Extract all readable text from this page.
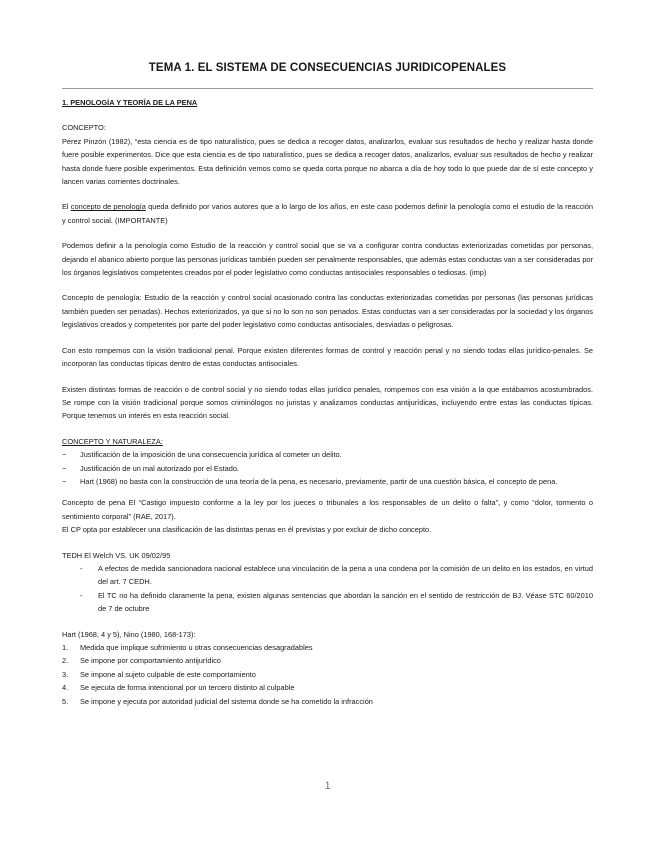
TEMA 1. EL SISTEMA DE CONSECUENCIAS JURIDICOPENALES

1. PENOLOGÍA Y TEORÍA DE LA PENA

CONCEPTO:

Pérez Pinzón (1982), “esta ciencia es de tipo naturalístico, pues se dedica a recoger datos, analizarlos, evaluar sus resultados de hecho y realizar hasta donde fuere posible experimentos. Dice que esta ciencia es de tipo naturalístico, pues se dedica a recoger datos, analizarlos, evaluar sus resultados de hecho y realizar hasta donde fuere posible experimentos. Esta definición vemos como se queda corta porque no abarca a día de hoy todo lo que puede dar de sí este concepto y lancen varias corrientes doctrinales.

El concepto de penología queda definido por varios autores que a lo largo de los años, en este caso podemos definir la penología como el estudio de la reacción y control social. (IMPORTANTE)

Podemos definir a la penología como Estudio de la reacción y control social que se va a configurar contra conductas exteriorizadas cometidas por personas, dejando el abanico abierto porque las personas jurídicas también pueden ser penalmente responsables, que además estas conductas van a ser consideradas por los órganos legislativos competentes creados por el poder legislativo como conductas antisociales responsables o tediosas. (imp)

Concepto de penología: Estudio de la reacción y control social ocasionado contra las conductas exteriorizadas cometidas por personas (las personas jurídicas también pueden ser penadas). Hechos exteriorizados, ya que si no lo son no son penados. Estas conductas van a ser consideradas por la sociedad y los órganos legislativos creados y competentes por parte del poder legislativo como conductas antisociales, desviadas o peligrosas.

Con esto rompemos con la visión tradicional penal. Porque existen diferentes formas de control y reacción penal y no siendo todas ellas jurídico-penales. Se incorporan las conductas típicas dentro de estas conductas antisociales.

Existen distintas formas de reacción o de control social y no siendo todas ellas jurídico penales, rompemos con esa visión a la que estábamos acostumbrados. Se rompe con la visión tradicional porque somos criminólogos no juristas y analizamos conductas antijurídicas, incluyendo entre estas las conductas típicas. Porque tenemos un interés en esta reacción social.

CONCEPTO Y NATURALEZA:

− Justificación de la imposición de una consecuencia jurídica al cometer un delito.
− Justificación de un mal autorizado por el Estado.
− Hart (1968) no basta con la construcción de una teoría de la pena, es necesario, previamente, partir de una cuestión básica, el concepto de pena.

Concepto de pena El “Castigo impuesto conforme a la ley por los jueces o tribunales a los responsables de un delito o falta”, y como “dolor, tormento o sentimiento corporal” (RAE, 2017).

El CP opta por establecer una clasificación de las distintas penas en él previstas y por excluir de dicho concepto.

TEDH El Welch VS. UK 09/02/95

- A efectos de medida sancionadora nacional establece una vinculación de la pena a una condena por la comisión de un delito en los estados, en virtud del art. 7 CEDH.
- El TC no ha definido claramente la pena, existen algunas sentencias que abordan la sanción en el sentido de restricción de BJ. Véase STC 60/2010 de 7 de octubre

Hart (1968, 4 y 5), Nino (1980, 168-173):

1. Medida que implique sufrimiento u otras consecuencias desagradables
2. Se impone por comportamiento antijurídico
3. Se impone al sujeto culpable de este comportamiento
4. Se ejecuta de forma intencional por un tercero distinto al culpable
5. Se impone y ejecuta por autoridad judicial del sistema donde se ha cometido la infracción
1
